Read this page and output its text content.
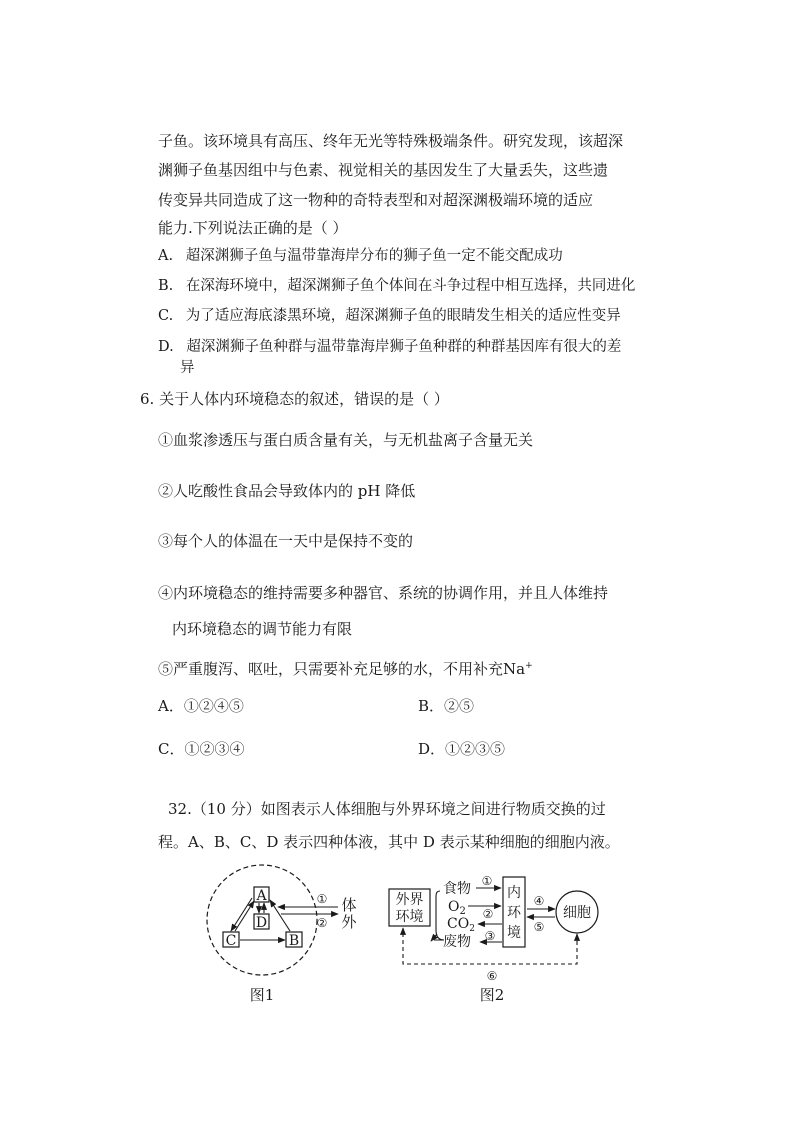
子鱼。该环境具有高压、终年无光等特殊极端条件。研究发现，该超深
渊狮子鱼基因组中与色素、视觉相关的基因发生了大量丢失，这些遗
传变异共同造成了这一物种的奇特表型和对超深渊极端环境的适应
能力.下列说法正确的是（ ）
A. 超深渊狮子鱼与温带靠海岸分布的狮子鱼一定不能交配成功
B. 在深海环境中，超深渊狮子鱼个体间在斗争过程中相互选择，共同进化
C. 为了适应海底漆黑环境，超深渊狮子鱼的眼睛发生相关的适应性变异
D. 超深渊狮子鱼种群与温带靠海岸狮子鱼种群的种群基因库有很大的差
异
6. 关于人体内环境稳态的叙述，错误的是（ ）
①血浆渗透压与蛋白质含量有关，与无机盐离子含量无关
②人吃酸性食品会导致体内的 pH 降低
③每个人的体温在一天中是保持不变的
④内环境稳态的维持需要多种器官、系统的协调作用，并且人体维持
内环境稳态的调节能力有限
⑤严重腹泻、呕吐，只需要补充足够的水，不用补充Na+
A．①②④⑤	B．②⑤
C．①②③④	D．①②③⑤
32.（10 分）如图表示人体细胞与外界环境之间进行物质交换的过
程。A、B、C、D 表示四种体液，其中 D 表示某种细胞的细胞内液。
A
D
C	B
①
②
体
外
图1
外界
环境
食物
$O_2$
$CO_2$
废物
①
②
③
内
环
境
④
⑤
细胞
⑥
图2
